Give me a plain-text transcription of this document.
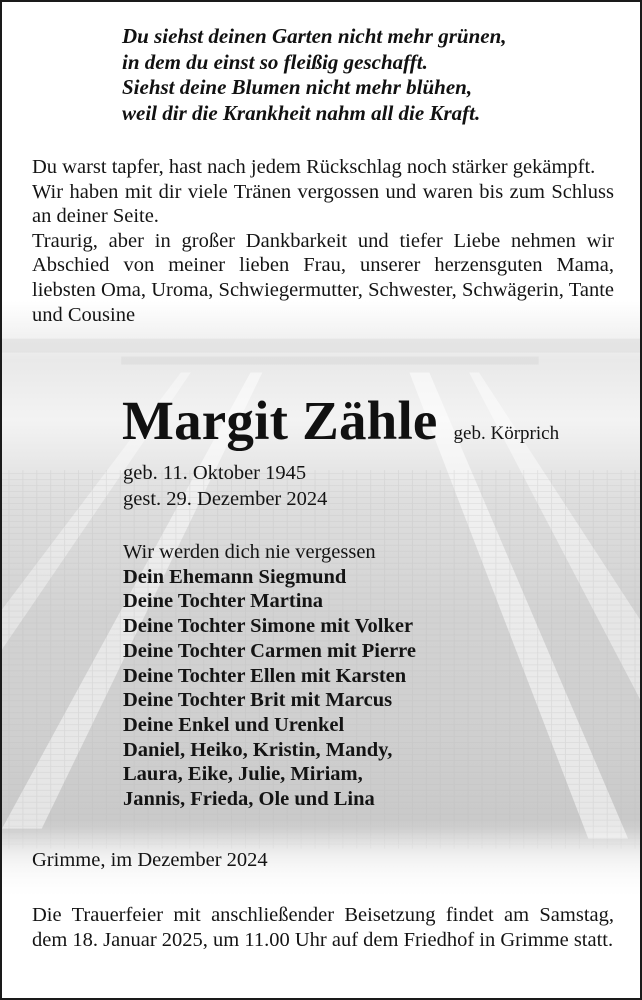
Du siehst deinen Garten nicht mehr grünen,
in dem du einst so fleißig geschafft.
Siehst deine Blumen nicht mehr blühen,
weil dir die Krankheit nahm all die Kraft.

Du warst tapfer, hast nach jedem Rückschlag noch stärker gekämpft.

Wir haben mit dir viele Tränen vergossen und waren bis zum Schluss an deiner Seite.

Traurig, aber in großer Dankbarkeit und tiefer Liebe nehmen wir Abschied von meiner lieben Frau, unserer herzensguten Mama, liebsten Oma, Uroma, Schwiegermutter, Schwester, Schwägerin, Tante und Cousine

Margit Zähle geb. Körprich
geb. 11. Oktober 1945
gest. 29. Dezember 2024
Wir werden dich nie vergessen
Dein Ehemann Siegmund
Deine Tochter Martina
Deine Tochter Simone mit Volker
Deine Tochter Carmen mit Pierre
Deine Tochter Ellen mit Karsten
Deine Tochter Brit mit Marcus
Deine Enkel und Urenkel
Daniel, Heiko, Kristin, Mandy,
Laura, Eike, Julie, Miriam,
Jannis, Frieda, Ole und Lina
Grimme, im Dezember 2024
Die Trauerfeier mit anschließender Beisetzung findet am Samstag, dem 18. Januar 2025, um 11.00 Uhr auf dem Friedhof in Grimme statt.
